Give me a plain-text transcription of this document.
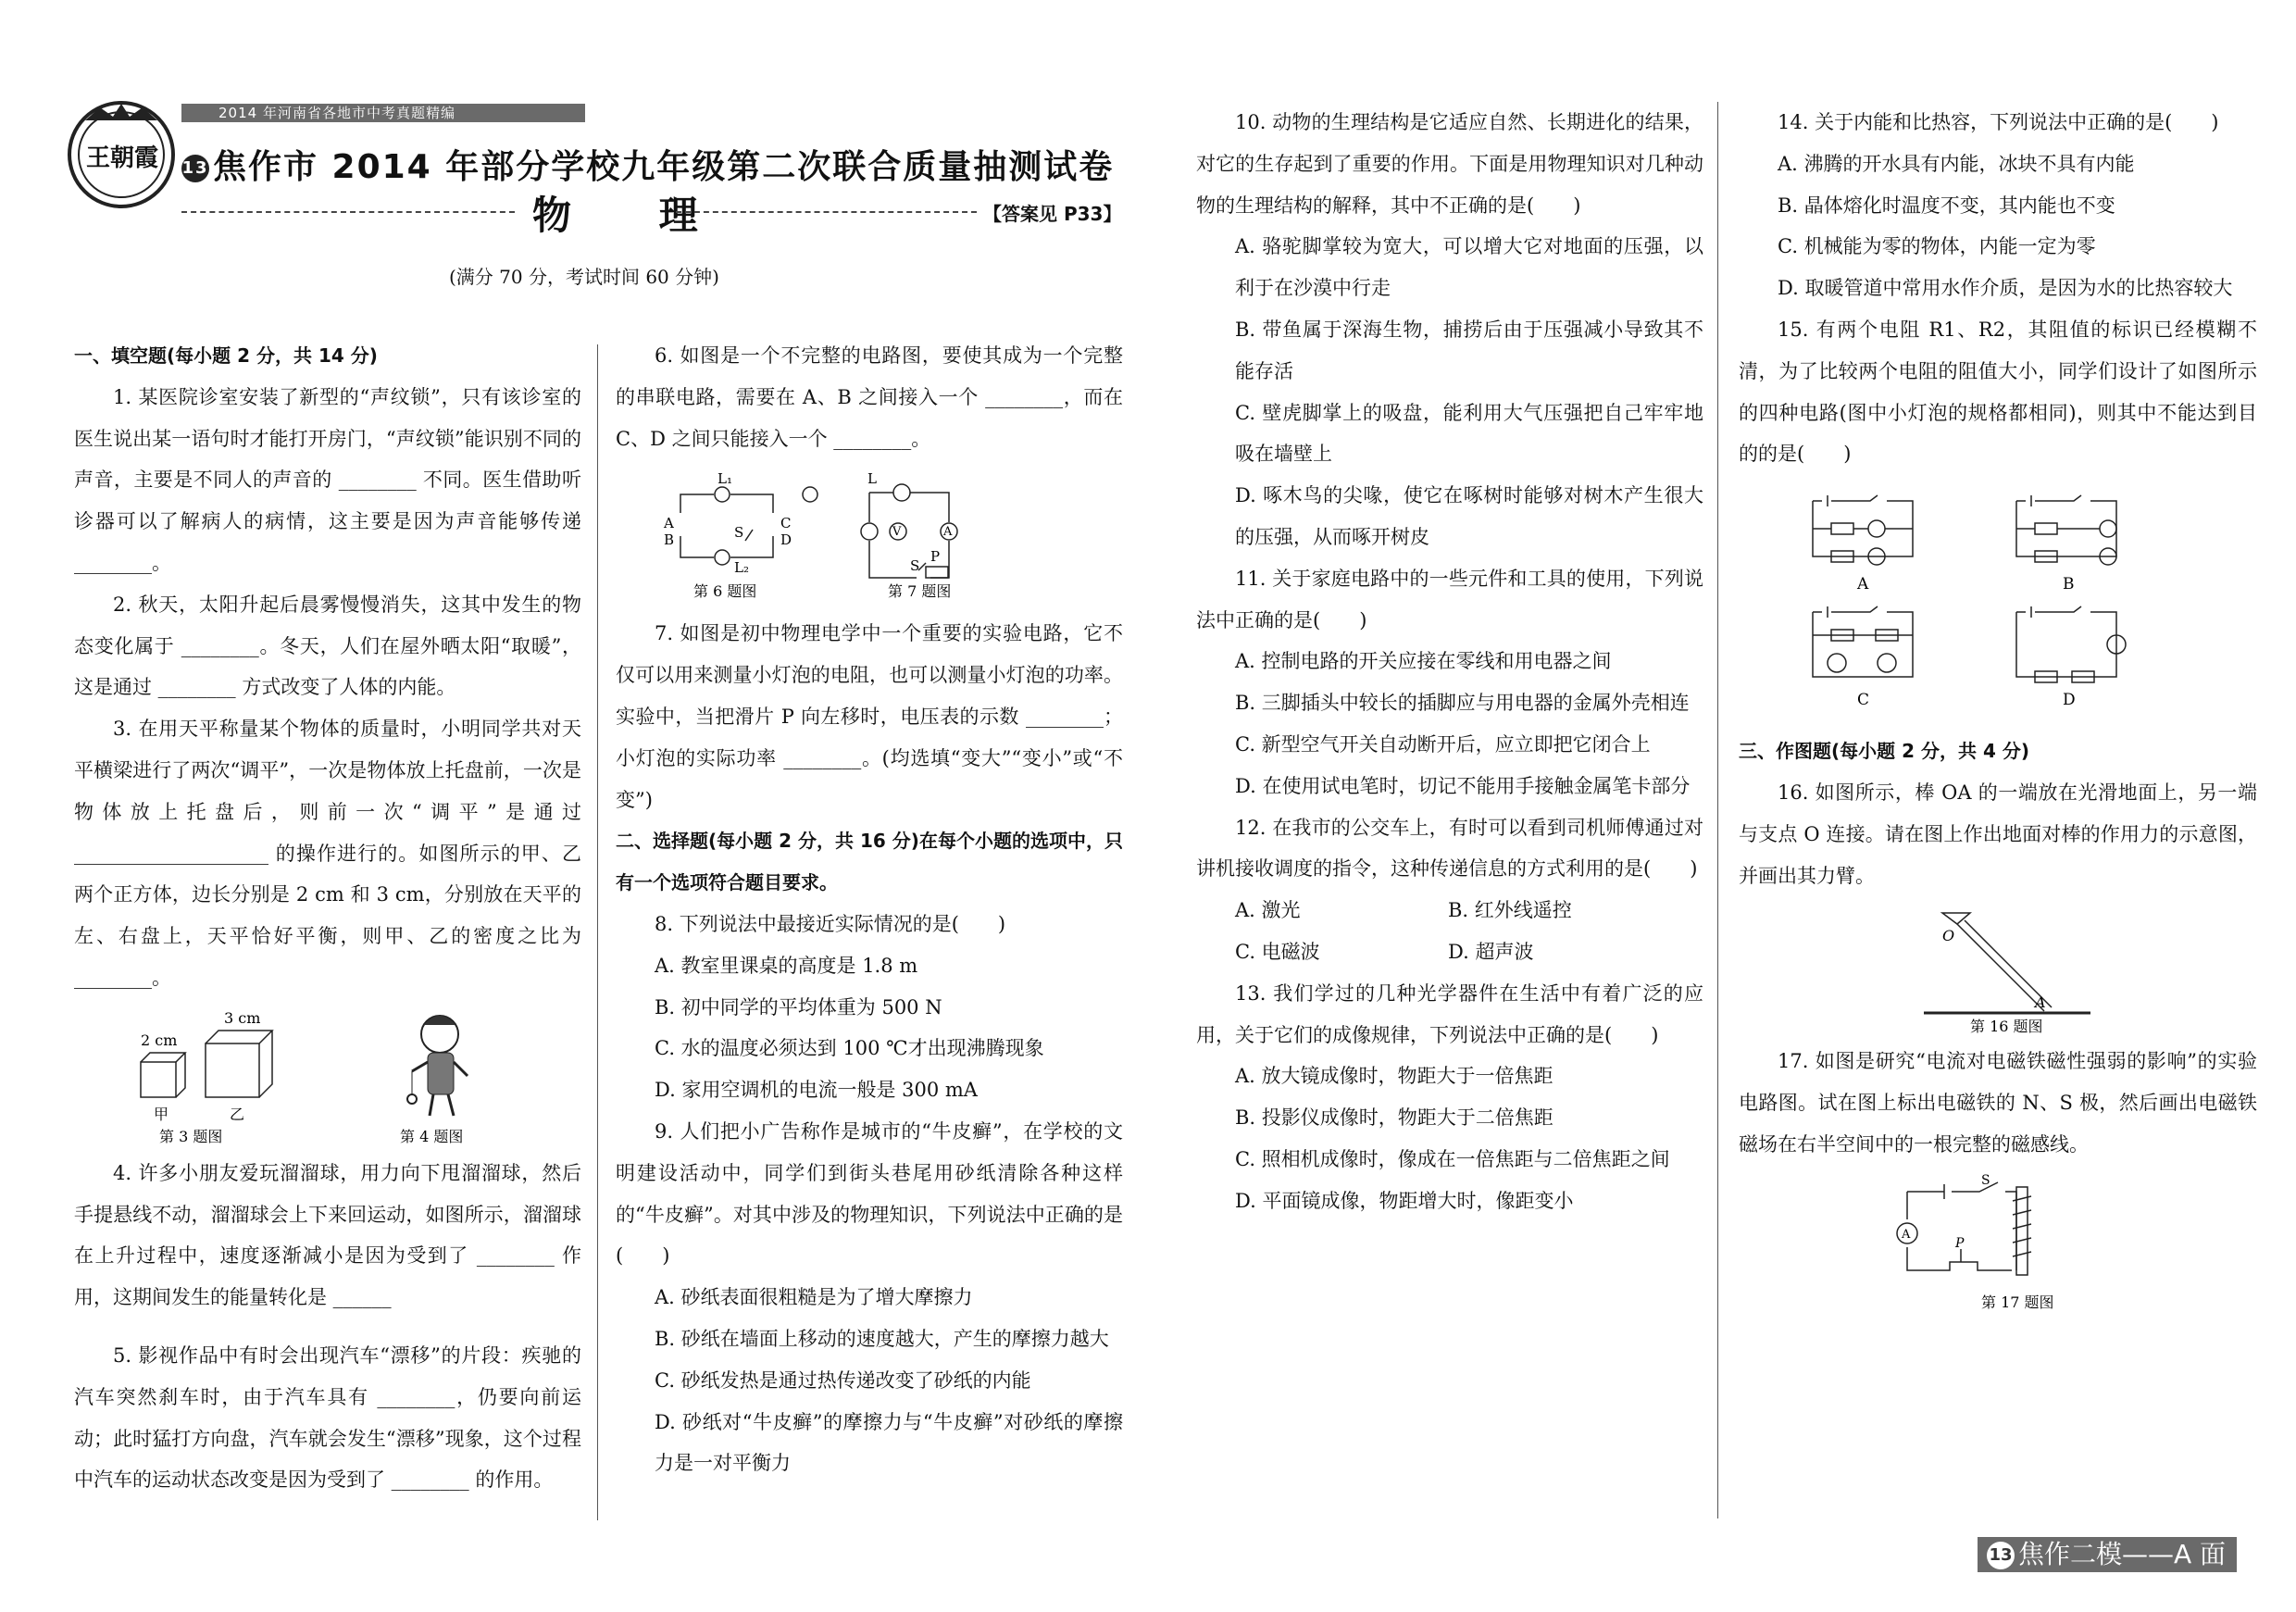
王朝霞
2014 年河南省各地市中考真题精编
13 焦作市 2014 年部分学校九年级第二次联合质量抽测试卷
物 理	【答案见 P33】
(满分 70 分，考试时间 60 分钟)

一、填空题(每小题 2 分，共 14 分)

1. 某医院诊室安装了新型的“声纹锁”，只有该诊室的医生说出某一语句时才能打开房门，“声纹锁”能识别不同的声音，主要是不同人的声音的 ________ 不同。医生借助听诊器可以了解病人的病情，这主要是因为声音能够传递 ________。

2. 秋天，太阳升起后晨雾慢慢消失，这其中发生的物态变化属于 ________。冬天，人们在屋外晒太阳“取暖”，这是通过 ________ 方式改变了人体的内能。

3. 在用天平称量某个物体的质量时，小明同学共对天平横梁进行了两次“调平”，一次是物体放上托盘前，一次是物体放上托盘后，则前一次“调平”是通过 ____________________ 的操作进行的。如图所示的甲、乙两个正方体，边长分别是 2 cm 和 3 cm，分别放在天平的左、右盘上，天平恰好平衡，则甲、乙的密度之比为 ________。

2 cm
3 cm
甲	乙
第 3 题图	第 4 题图

4. 许多小朋友爱玩溜溜球，用力向下甩溜溜球，然后手提悬线不动，溜溜球会上下来回运动，如图所示，溜溜球在上升过程中，速度逐渐减小是因为受到了 ________ 作用，这期间发生的能量转化是 ______

5. 影视作品中有时会出现汽车“漂移”的片段：疾驰的汽车突然刹车时，由于汽车具有 ________，仍要向前运动；此时猛打方向盘，汽车就会发生“漂移”现象，这个过程中汽车的运动状态改变是因为受到了 ________ 的作用。

6. 如图是一个不完整的电路图，要使其成为一个完整的串联电路，需要在 A、B 之间接入一个 ________，而在 C、D 之间只能接入一个 ________。

A
B
C
D
L₁
S
L₂
L
A
V
S
P
第 6 题图	第 7 题图

7. 如图是初中物理电学中一个重要的实验电路，它不仅可以用来测量小灯泡的电阻，也可以测量小灯泡的功率。实验中，当把滑片 P 向左移时，电压表的示数 ________；小灯泡的实际功率 ________。(均选填“变大”“变小”或“不变”)

二、选择题(每小题 2 分，共 16 分)在每个小题的选项中，只有一个选项符合题目要求。

8. 下列说法中最接近实际情况的是(　　)

A. 教室里课桌的高度是 1.8 m

B. 初中同学的平均体重为 500 N

C. 水的温度必须达到 100 ℃才出现沸腾现象

D. 家用空调机的电流一般是 300 mA

9. 人们把小广告称作是城市的“牛皮癣”，在学校的文明建设活动中，同学们到街头巷尾用砂纸清除各种这样的“牛皮癣”。对其中涉及的物理知识，下列说法中正确的是(　　)

A. 砂纸表面很粗糙是为了增大摩擦力

B. 砂纸在墙面上移动的速度越大，产生的摩擦力越大

C. 砂纸发热是通过热传递改变了砂纸的内能

D. 砂纸对“牛皮癣”的摩擦力与“牛皮癣”对砂纸的摩擦力是一对平衡力

10. 动物的生理结构是它适应自然、长期进化的结果，对它的生存起到了重要的作用。下面是用物理知识对几种动物的生理结构的解释，其中不正确的是(　　)

A. 骆驼脚掌较为宽大，可以增大它对地面的压强，以利于在沙漠中行走

B. 带鱼属于深海生物，捕捞后由于压强减小导致其不能存活

C. 壁虎脚掌上的吸盘，能利用大气压强把自己牢牢地吸在墙壁上

D. 啄木鸟的尖喙，使它在啄树时能够对树木产生很大的压强，从而啄开树皮

11. 关于家庭电路中的一些元件和工具的使用，下列说法中正确的是(　　)

A. 控制电路的开关应接在零线和用电器之间

B. 三脚插头中较长的插脚应与用电器的金属外壳相连

C. 新型空气开关自动断开后，应立即把它闭合上

D. 在使用试电笔时，切记不能用手接触金属笔卡部分

12. 在我市的公交车上，有时可以看到司机师傅通过对讲机接收调度的指令，这种传递信息的方式利用的是(　　)

A. 激光	B. 红外线遥控

C. 电磁波	D. 超声波

13. 我们学过的几种光学器件在生活中有着广泛的应用，关于它们的成像规律，下列说法中正确的是(　　)

A. 放大镜成像时，物距大于一倍焦距

B. 投影仪成像时，物距大于二倍焦距

C. 照相机成像时，像成在一倍焦距与二倍焦距之间

D. 平面镜成像，物距增大时，像距变小

14. 关于内能和比热容，下列说法中正确的是(　　)

A. 沸腾的开水具有内能，冰块不具有内能

B. 晶体熔化时温度不变，其内能也不变

C. 机械能为零的物体，内能一定为零

D. 取暖管道中常用水作介质，是因为水的比热容较大

15. 有两个电阻 R1、R2，其阻值的标识已经模糊不清，为了比较两个电阻的阻值大小，同学们设计了如图所示的四种电路(图中小灯泡的规格都相同)，则其中不能达到目的的是(　　)

A	B
C	D

三、作图题(每小题 2 分，共 4 分)

16. 如图所示，棒 OA 的一端放在光滑地面上，另一端与支点 O 连接。请在图上作出地面对棒的作用力的示意图，并画出其力臂。

O
A
第 16 题图

17. 如图是研究“电流对电磁铁磁性强弱的影响”的实验电路图。试在图上标出电磁铁的 N、S 极，然后画出电磁铁磁场在右半空间中的一根完整的磁感线。

A
S
P
第 17 题图
13 焦作二模——A 面
